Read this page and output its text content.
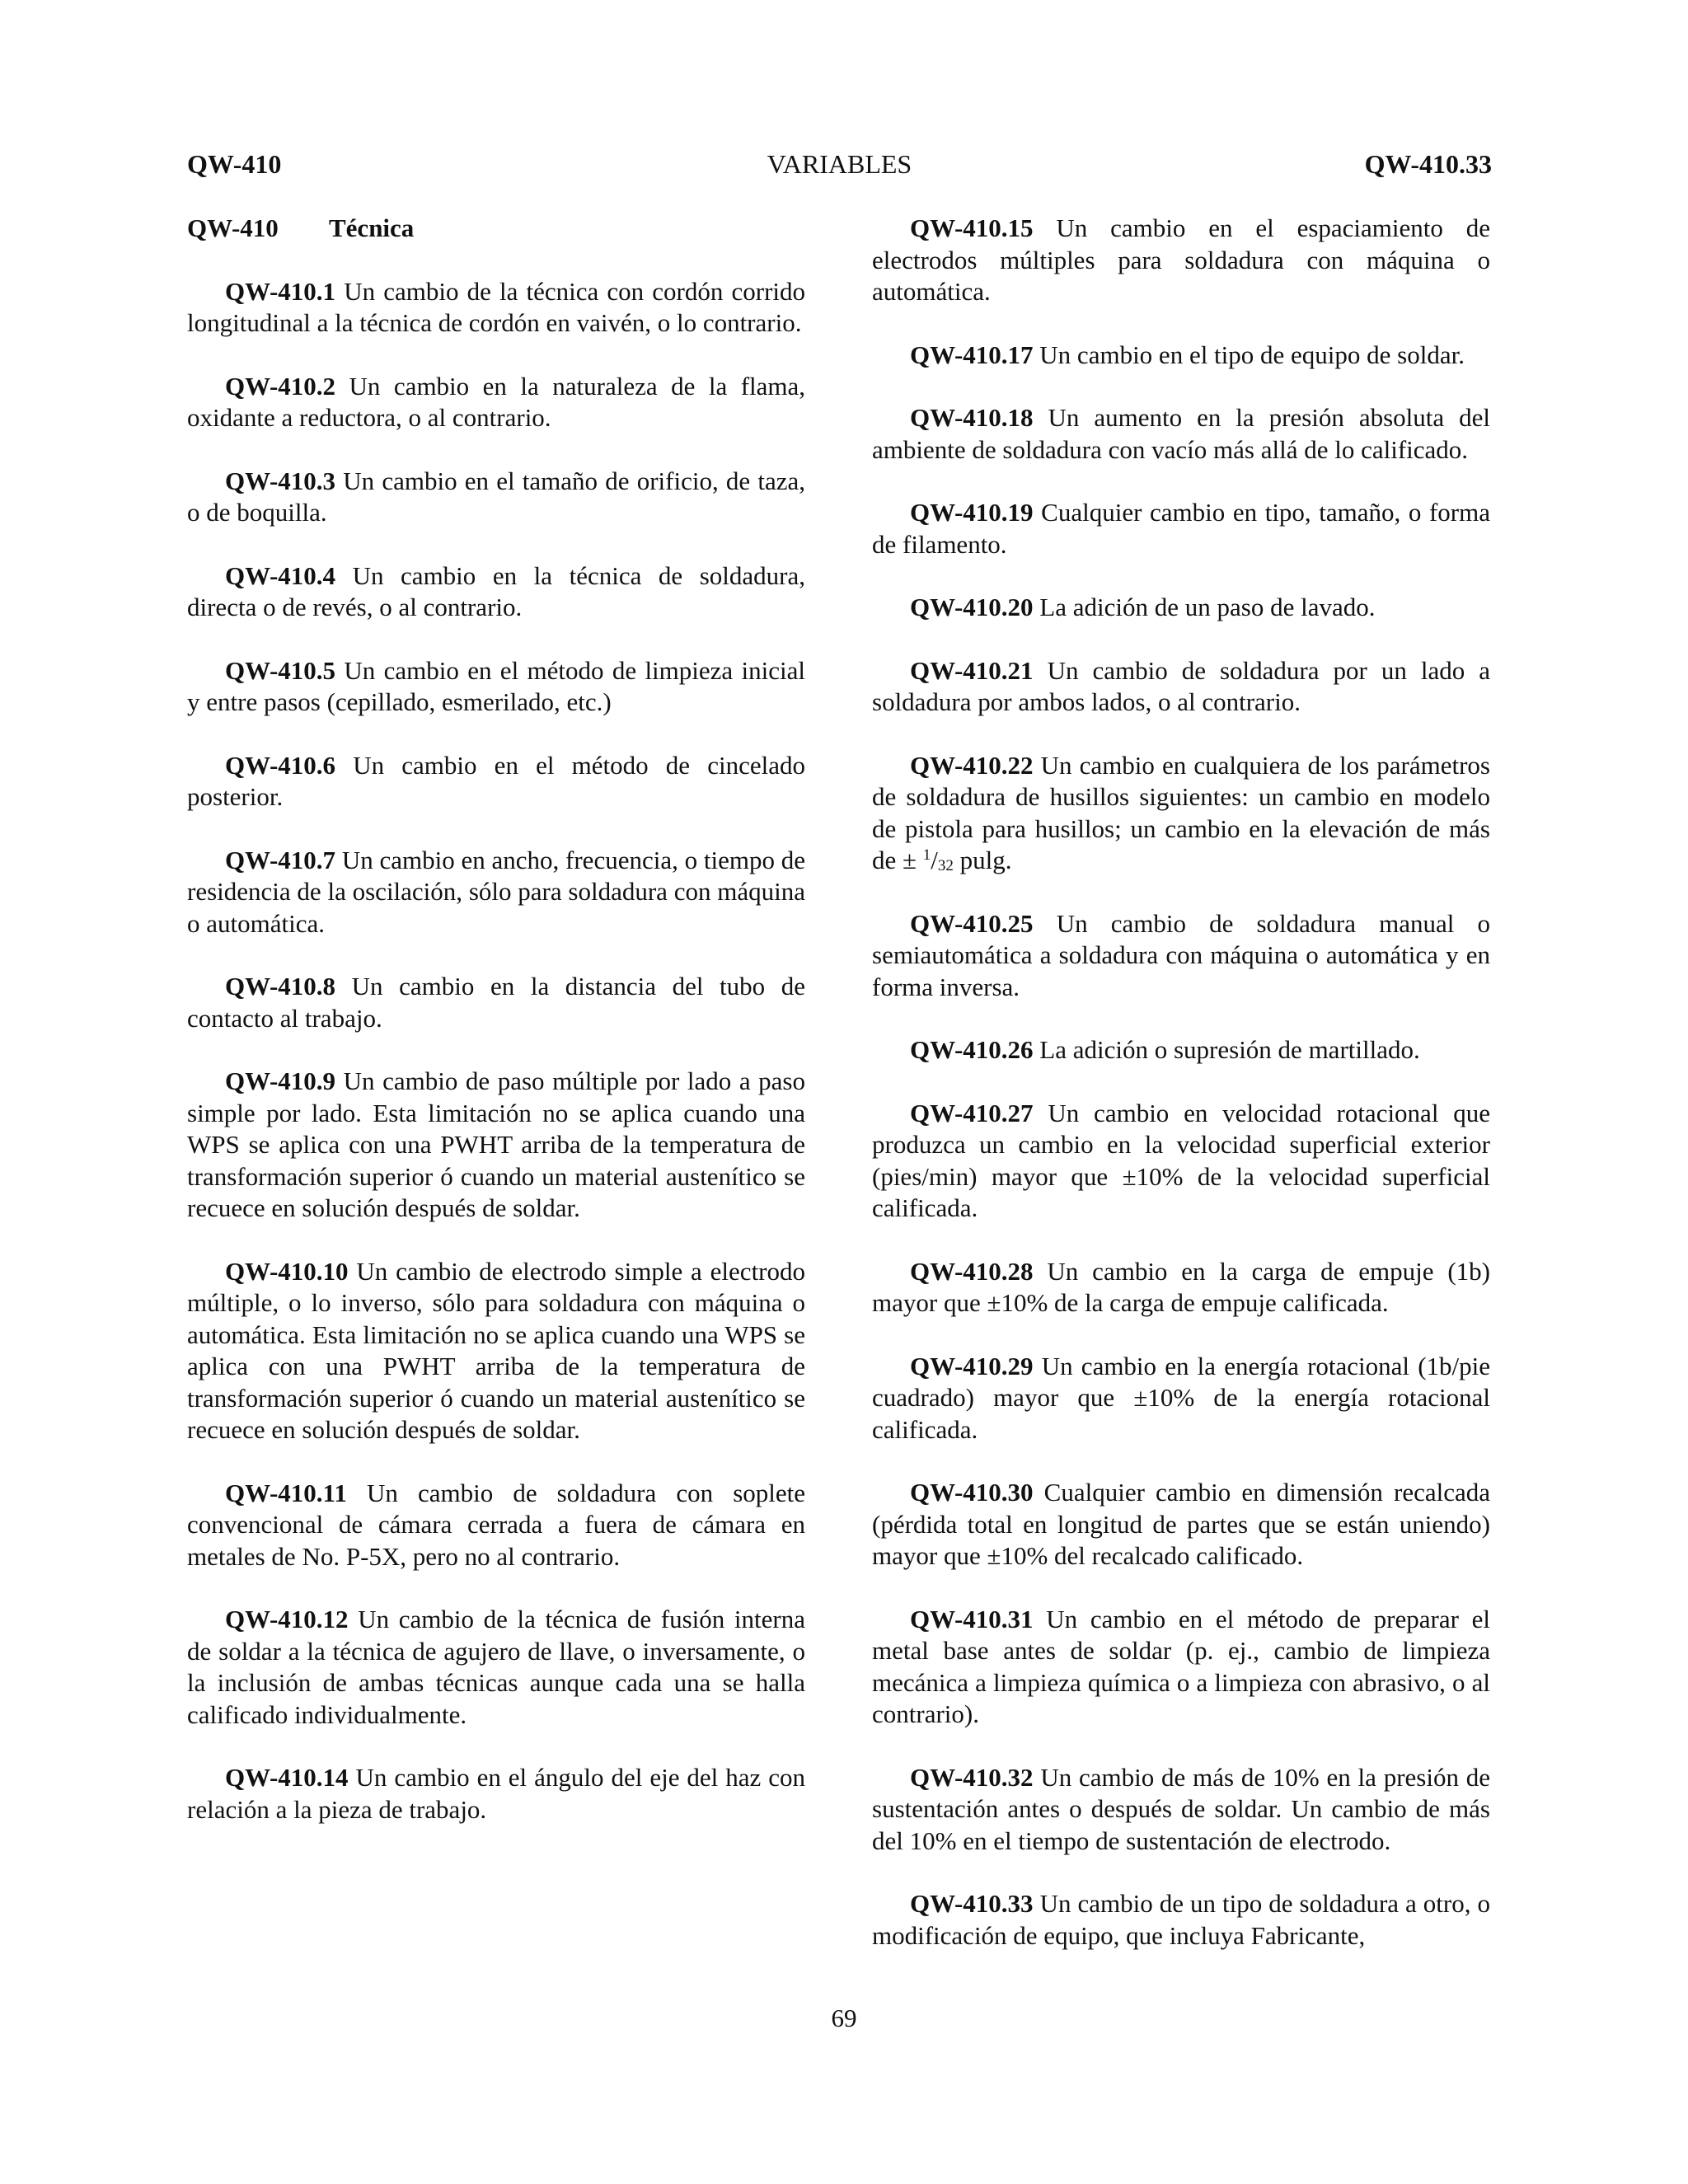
QW-410	VARIABLES	QW-410.33
QW-410 Técnica

QW-410.1 Un cambio de la técnica con cordón corrido longitudinal a la técnica de cordón en vaivén, o lo contrario.

QW-410.2 Un cambio en la naturaleza de la flama, oxidante a reductora, o al contrario.

QW-410.3 Un cambio en el tamaño de orificio, de taza, o de boquilla.

QW-410.4 Un cambio en la técnica de soldadura, directa o de revés, o al contrario.

QW-410.5 Un cambio en el método de limpieza inicial y entre pasos (cepillado, esmerilado, etc.)

QW-410.6 Un cambio en el método de cincelado posterior.

QW-410.7 Un cambio en ancho, frecuencia, o tiempo de residencia de la oscilación, sólo para soldadura con máquina o automática.

QW-410.8 Un cambio en la distancia del tubo de contacto al trabajo.

QW-410.9 Un cambio de paso múltiple por lado a paso simple por lado. Esta limitación no se aplica cuando una WPS se aplica con una PWHT arriba de la temperatura de transformación superior ó cuando un material austenítico se recuece en solución después de soldar.

QW-410.10 Un cambio de electrodo simple a electrodo múltiple, o lo inverso, sólo para soldadura con máquina o automática. Esta limitación no se aplica cuando una WPS se aplica con una PWHT arriba de la temperatura de transformación superior ó cuando un material austenítico se recuece en solución después de soldar.

QW-410.11 Un cambio de soldadura con soplete convencional de cámara cerrada a fuera de cámara en metales de No. P-5X, pero no al contrario.

QW-410.12 Un cambio de la técnica de fusión interna de soldar a la técnica de agujero de llave, o inversamente, o la inclusión de ambas técnicas aunque cada una se halla calificado individualmente.

QW-410.14 Un cambio en el ángulo del eje del haz con relación a la pieza de trabajo.

QW-410.15 Un cambio en el espaciamiento de electrodos múltiples para soldadura con máquina o automática.

QW-410.17 Un cambio en el tipo de equipo de soldar.

QW-410.18 Un aumento en la presión absoluta del ambiente de soldadura con vacío más allá de lo calificado.

QW-410.19 Cualquier cambio en tipo, tamaño, o forma de filamento.

QW-410.20 La adición de un paso de lavado.

QW-410.21 Un cambio de soldadura por un lado a soldadura por ambos lados, o al contrario.

QW-410.22 Un cambio en cualquiera de los parámetros de soldadura de husillos siguientes: un cambio en modelo de pistola para husillos; un cambio en la elevación de más de ± $^1/_{32}$ pulg.

QW-410.25 Un cambio de soldadura manual o semiautomática a soldadura con máquina o automática y en forma inversa.

QW-410.26 La adición o supresión de martillado.

QW-410.27 Un cambio en velocidad rotacional que produzca un cambio en la velocidad superficial exterior (pies/min) mayor que ±10% de la velocidad superficial calificada.

QW-410.28 Un cambio en la carga de empuje (1b) mayor que ±10% de la carga de empuje calificada.

QW-410.29 Un cambio en la energía rotacional (1b/pie cuadrado) mayor que ±10% de la energía rotacional calificada.

QW-410.30 Cualquier cambio en dimensión recalcada (pérdida total en longitud de partes que se están uniendo) mayor que ±10% del recalcado calificado.

QW-410.31 Un cambio en el método de preparar el metal base antes de soldar (p. ej., cambio de limpieza mecánica a limpieza química o a limpieza con abrasivo, o al contrario).

QW-410.32 Un cambio de más de 10% en la presión de sustentación antes o después de soldar. Un cambio de más del 10% en el tiempo de sustentación de electrodo.

QW-410.33 Un cambio de un tipo de soldadura a otro, o modificación de equipo, que incluya Fabricante,

69
